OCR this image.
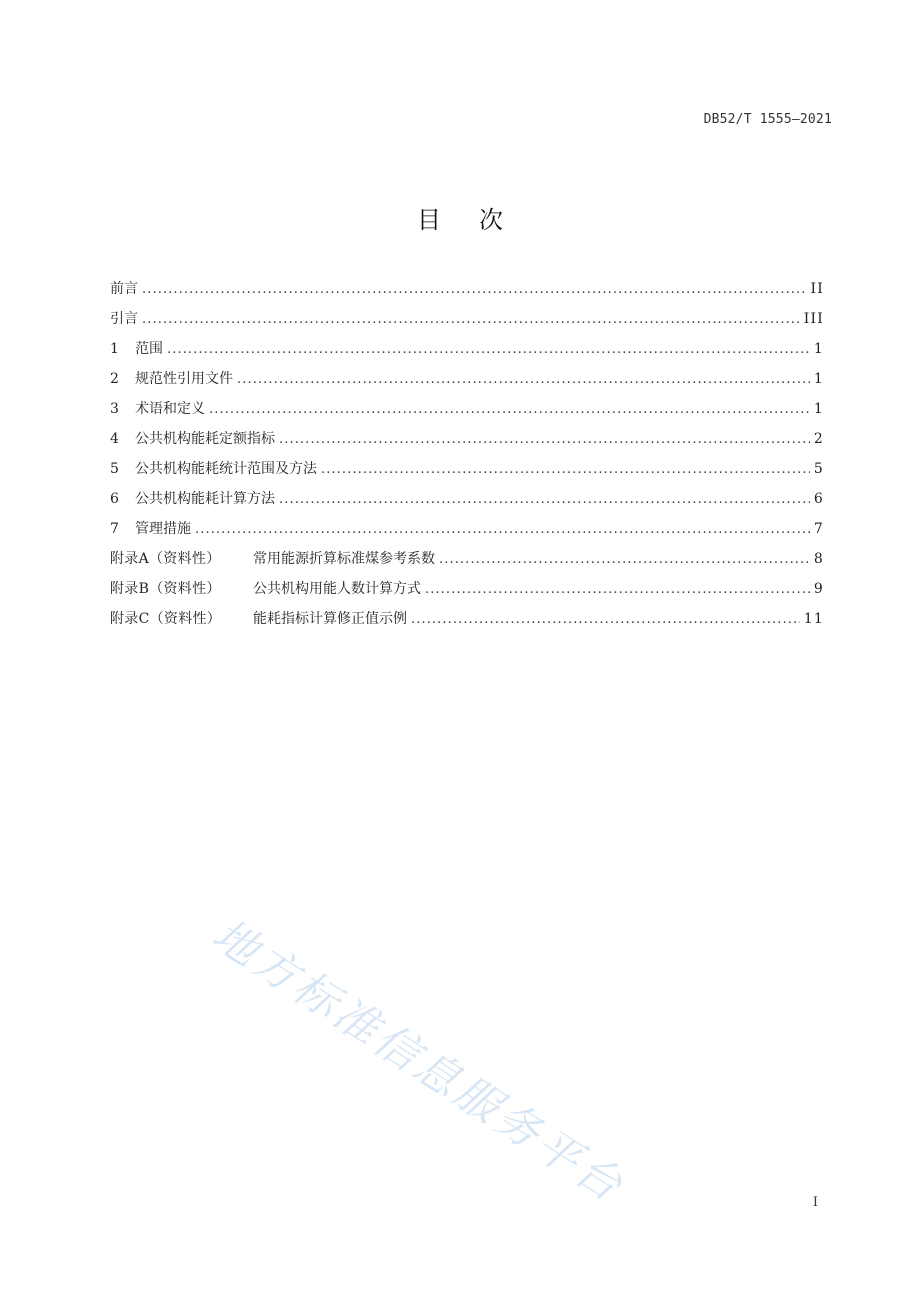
DB52/T 1555—2021
目次
前言 .....	II
引言 .....	III
1	范围 .....	1
2	规范性引用文件 .....	1
3	术语和定义 .....	1
4	公共机构能耗定额指标 .....	2
5	公共机构能耗统计范围及方法 .....	5
6	公共机构能耗计算方法 .....	6
7	管理措施 .....	7
附录A（资料性）	常用能源折算标准煤参考系数 .....	8
附录B（资料性）	公共机构用能人数计算方式 .....	9
附录C（资料性）	能耗指标计算修正值示例 .....	11
地方标准信息服务平台	I
